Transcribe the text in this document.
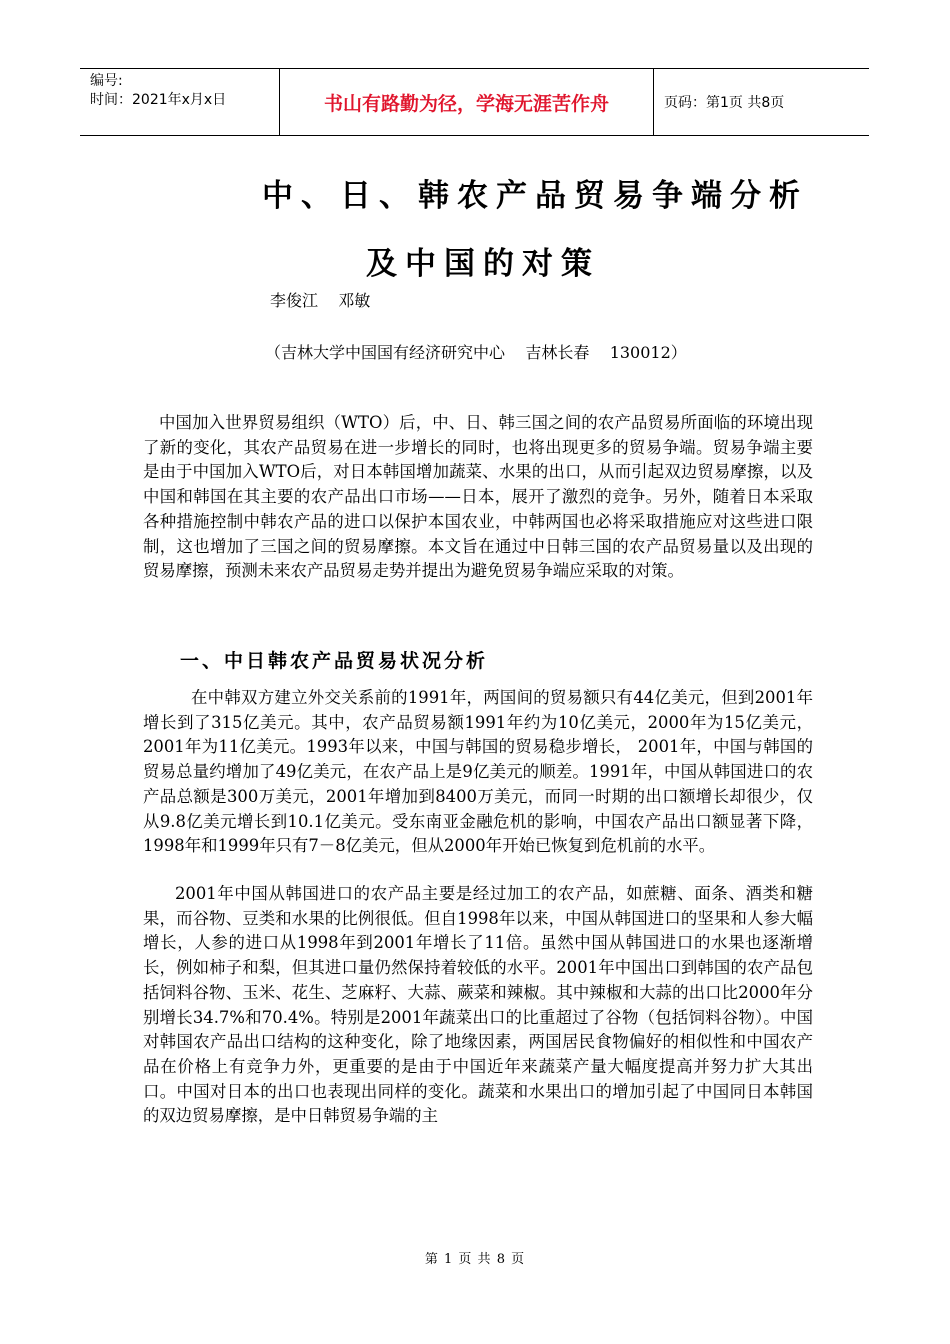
编号:
时间：2021年x月x日	书山有路勤为径，学海无涯苦作舟	页码：第1页 共8页
中、日、韩农产品贸易争端分析
及中国的对策
李俊江    邓敏
（吉林大学中国国有经济研究中心    吉林长春    130012）

中国加入世界贸易组织（WTO）后，中、日、韩三国之间的农产品贸易所面临的环境出现了新的变化，其农产品贸易在进一步增长的同时，也将出现更多的贸易争端。贸易争端主要是由于中国加入WTO后，对日本韩国增加蔬菜、水果的出口，从而引起双边贸易摩擦，以及中国和韩国在其主要的农产品出口市场——日本，展开了激烈的竞争。另外，随着日本采取各种措施控制中韩农产品的进口以保护本国农业，中韩两国也必将采取措施应对这些进口限制，这也增加了三国之间的贸易摩擦。本文旨在通过中日韩三国的农产品贸易量以及出现的贸易摩擦，预测未来农产品贸易走势并提出为避免贸易争端应采取的对策。

一、中日韩农产品贸易状况分析

在中韩双方建立外交关系前的1991年，两国间的贸易额只有44亿美元，但到2001年增长到了315亿美元。其中，农产品贸易额1991年约为10亿美元，2000年为15亿美元，2001年为11亿美元。1993年以来，中国与韩国的贸易稳步增长， 2001年，中国与韩国的贸易总量约增加了49亿美元，在农产品上是9亿美元的顺差。1991年，中国从韩国进口的农产品总额是300万美元，2001年增加到8400万美元，而同一时期的出口额增长却很少，仅从9.8亿美元增长到10.1亿美元。受东南亚金融危机的影响，中国农产品出口额显著下降，1998年和1999年只有7－8亿美元，但从2000年开始已恢复到危机前的水平。

2001年中国从韩国进口的农产品主要是经过加工的农产品，如蔗糖、面条、酒类和糖果，而谷物、豆类和水果的比例很低。但自1998年以来，中国从韩国进口的坚果和人参大幅增长，人参的进口从1998年到2001年增长了11倍。虽然中国从韩国进口的水果也逐渐增长，例如柿子和梨，但其进口量仍然保持着较低的水平。2001年中国出口到韩国的农产品包括饲料谷物、玉米、花生、芝麻籽、大蒜、蕨菜和辣椒。其中辣椒和大蒜的出口比2000年分别增长34.7%和70.4%。特别是2001年蔬菜出口的比重超过了谷物（包括饲料谷物）。中国对韩国农产品出口结构的这种变化，除了地缘因素，两国居民食物偏好的相似性和中国农产品在价格上有竞争力外，更重要的是由于中国近年来蔬菜产量大幅度提高并努力扩大其出口。中国对日本的出口也表现出同样的变化。蔬菜和水果出口的增加引起了中国同日本韩国的双边贸易摩擦，是中日韩贸易争端的主

第 1 页 共 8 页
